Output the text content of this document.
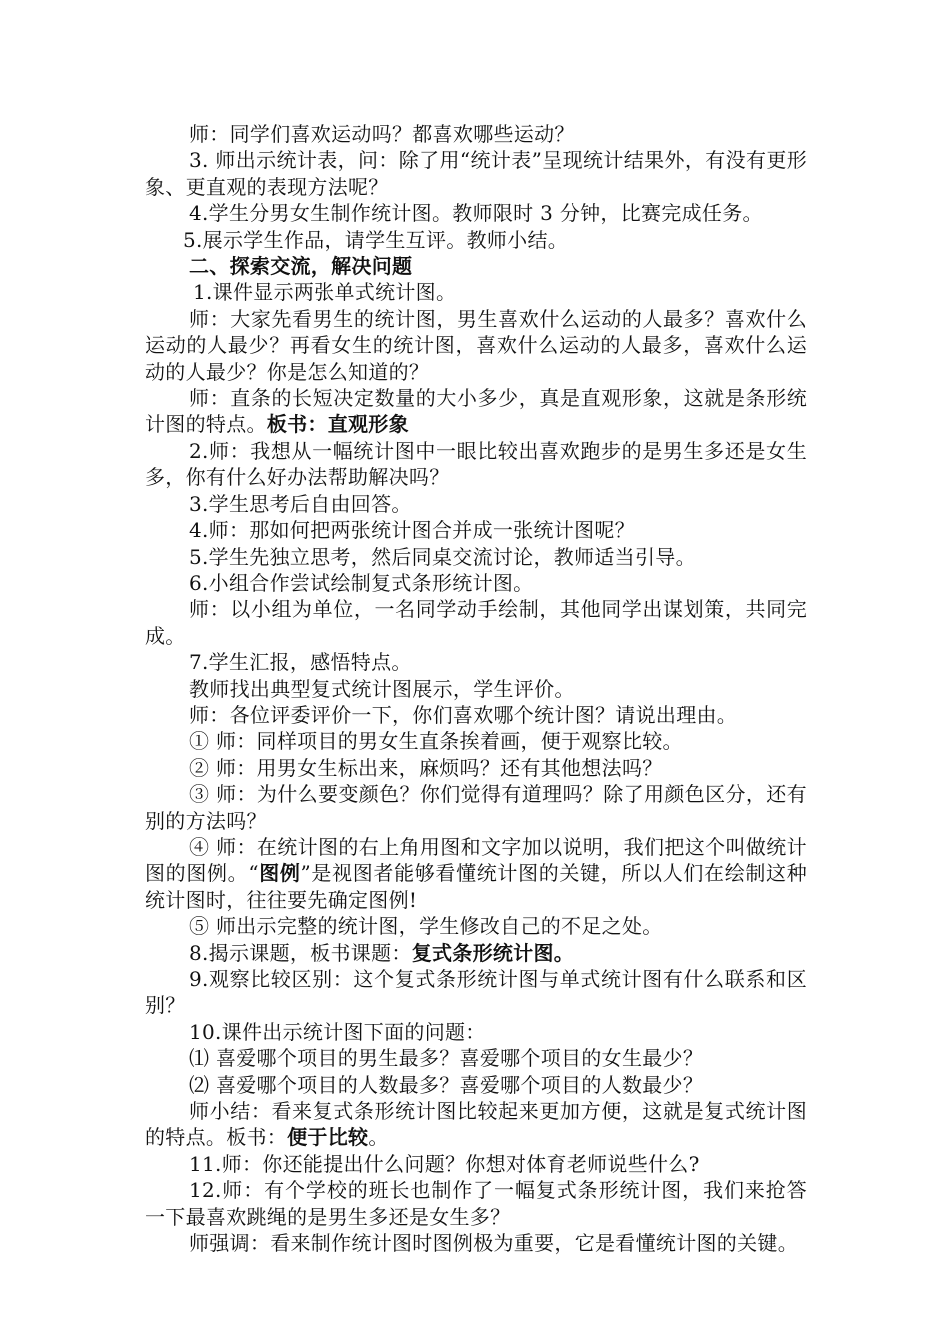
师：同学们喜欢运动吗？都喜欢哪些运动？

3. 师出示统计表，问：除了用“统计表”呈现统计结果外，有没有更形象、更直观的表现方法呢？

4.学生分男女生制作统计图。教师限时 3 分钟，比赛完成任务。

5.展示学生作品，请学生互评。教师小结。

二、探索交流，解决问题

1.课件显示两张单式统计图。

师：大家先看男生的统计图，男生喜欢什么运动的人最多？喜欢什么运动的人最少？再看女生的统计图，喜欢什么运动的人最多，喜欢什么运动的人最少？你是怎么知道的？

师：直条的长短决定数量的大小多少，真是直观形象，这就是条形统计图的特点。板书：直观形象

2.师：我想从一幅统计图中一眼比较出喜欢跑步的是男生多还是女生多，你有什么好办法帮助解决吗？

3.学生思考后自由回答。

4.师：那如何把两张统计图合并成一张统计图呢？

5.学生先独立思考，然后同桌交流讨论，教师适当引导。

6.小组合作尝试绘制复式条形统计图。

师：以小组为单位，一名同学动手绘制，其他同学出谋划策，共同完成。

7.学生汇报，感悟特点。

教师找出典型复式统计图展示，学生评价。

师：各位评委评价一下，你们喜欢哪个统计图？请说出理由。

① 师：同样项目的男女生直条挨着画，便于观察比较。

② 师：用男女生标出来，麻烦吗？还有其他想法吗？

③ 师：为什么要变颜色？你们觉得有道理吗？除了用颜色区分，还有别的方法吗？

④ 师：在统计图的右上角用图和文字加以说明，我们把这个叫做统计图的图例。“图例”是视图者能够看懂统计图的关键，所以人们在绘制这种统计图时，往往要先确定图例!

⑤ 师出示完整的统计图，学生修改自己的不足之处。

8.揭示课题，板书课题：复式条形统计图。

9.观察比较区别：这个复式条形统计图与单式统计图有什么联系和区别？

10.课件出示统计图下面的问题：

⑴ 喜爱哪个项目的男生最多？喜爱哪个项目的女生最少？

⑵ 喜爱哪个项目的人数最多？喜爱哪个项目的人数最少？

师小结：看来复式条形统计图比较起来更加方便，这就是复式统计图的特点。板书：便于比较。

11.师：你还能提出什么问题？你想对体育老师说些什么?

12.师：有个学校的班长也制作了一幅复式条形统计图，我们来抢答一下最喜欢跳绳的是男生多还是女生多？

师强调：看来制作统计图时图例极为重要，它是看懂统计图的关键。
